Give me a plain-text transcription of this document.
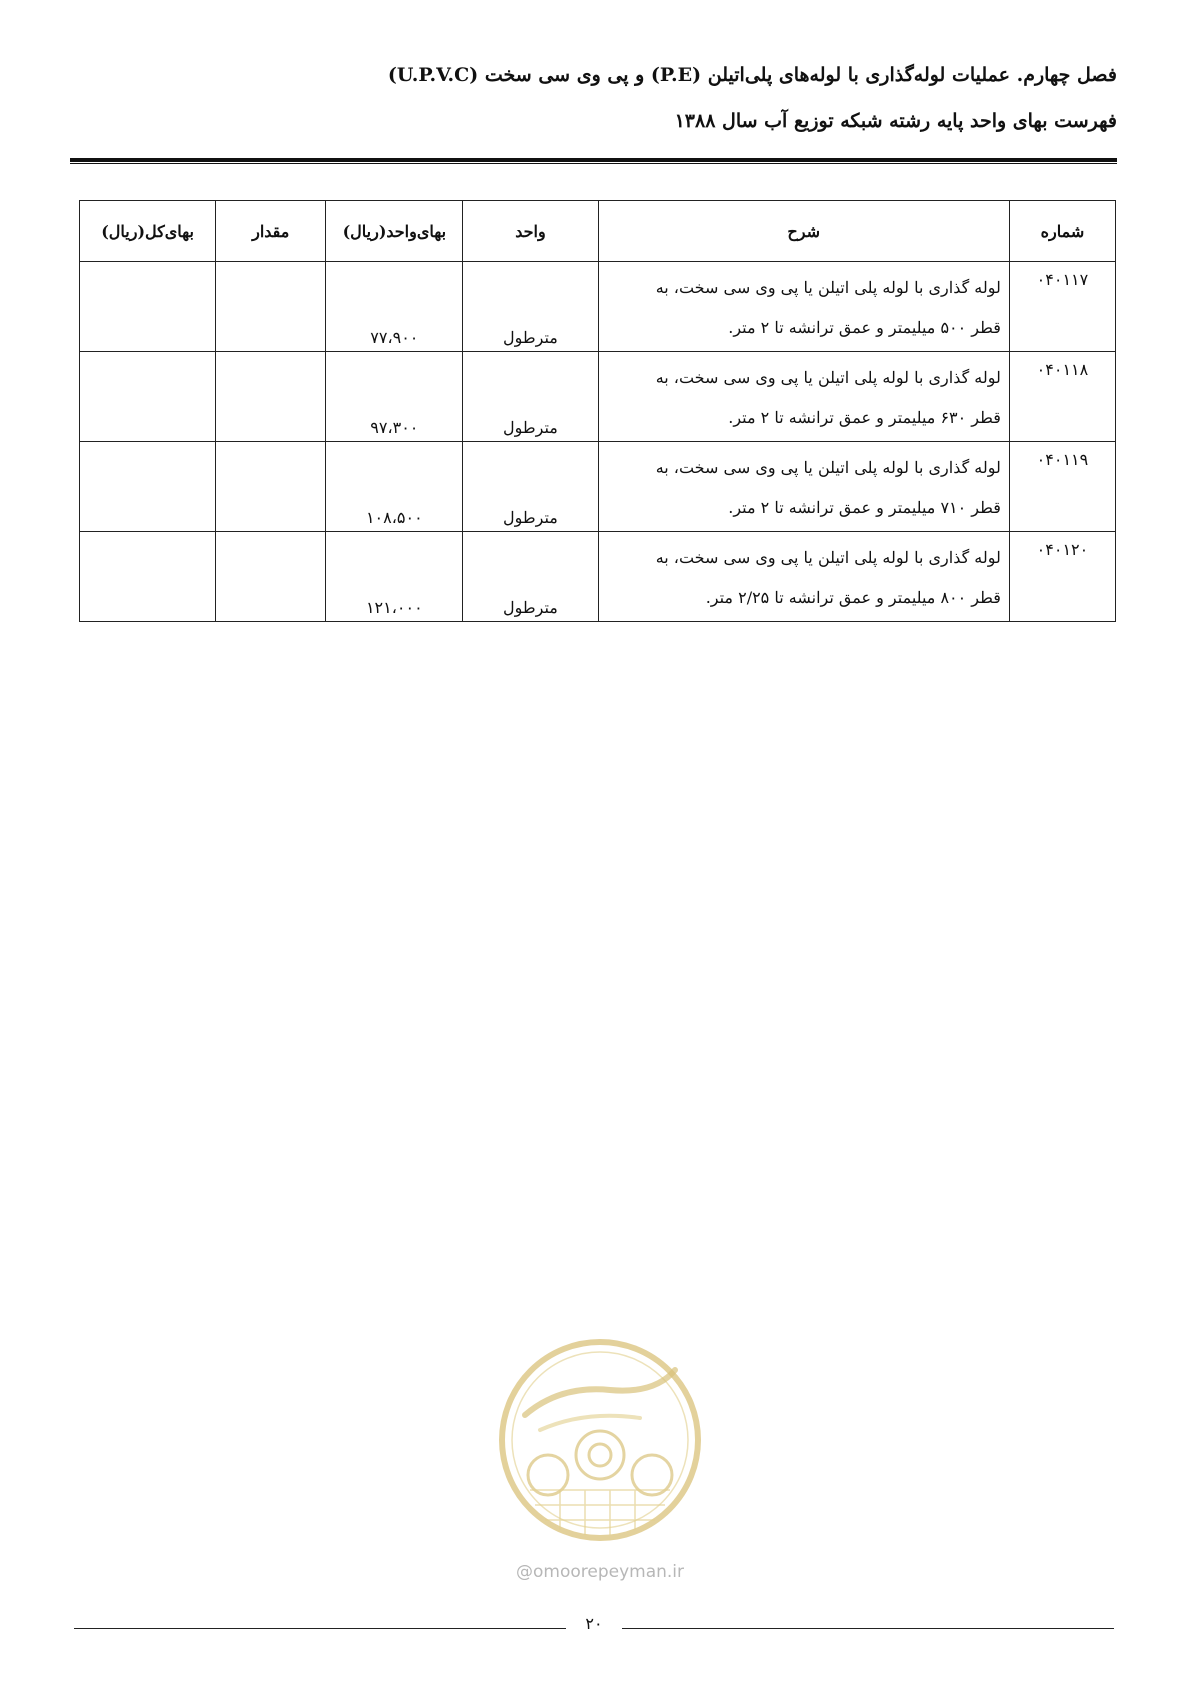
فصل چهارم. عملیات لوله‌گذاری با لوله‌های پلی‌اتیلن (P.E) و پی وی سی سخت (U.P.V.C)
فهرست بهای واحد پایه رشته شبکه توزیع آب سال ۱۳۸۸
شماره	شرح	واحد	بهای‌واحد(ریال)	مقدار	بهای‌کل(ریال)
۰۴۰۱۱۷	لوله گذاری با لوله پلی اتیلن یا پی وی سی سخت، به
قطر ۵۰۰ میلیمتر و عمق ترانشه تا ۲ متر.	مترطول	۷۷،۹۰۰		
۰۴۰۱۱۸	لوله گذاری با لوله پلی اتیلن یا پی وی سی سخت، به
قطر ۶۳۰ میلیمتر و عمق ترانشه تا ۲ متر.	مترطول	۹۷،۳۰۰		
۰۴۰۱۱۹	لوله گذاری با لوله پلی اتیلن یا پی وی سی سخت، به
قطر ۷۱۰ میلیمتر و عمق ترانشه تا ۲ متر.	مترطول	۱۰۸،۵۰۰		
۰۴۰۱۲۰	لوله گذاری با لوله پلی اتیلن یا پی وی سی سخت، به
قطر ۸۰۰ میلیمتر و عمق ترانشه تا ۲/۲۵ متر.	مترطول	۱۲۱،۰۰۰		
@omoorepeyman.ir
۲۰
